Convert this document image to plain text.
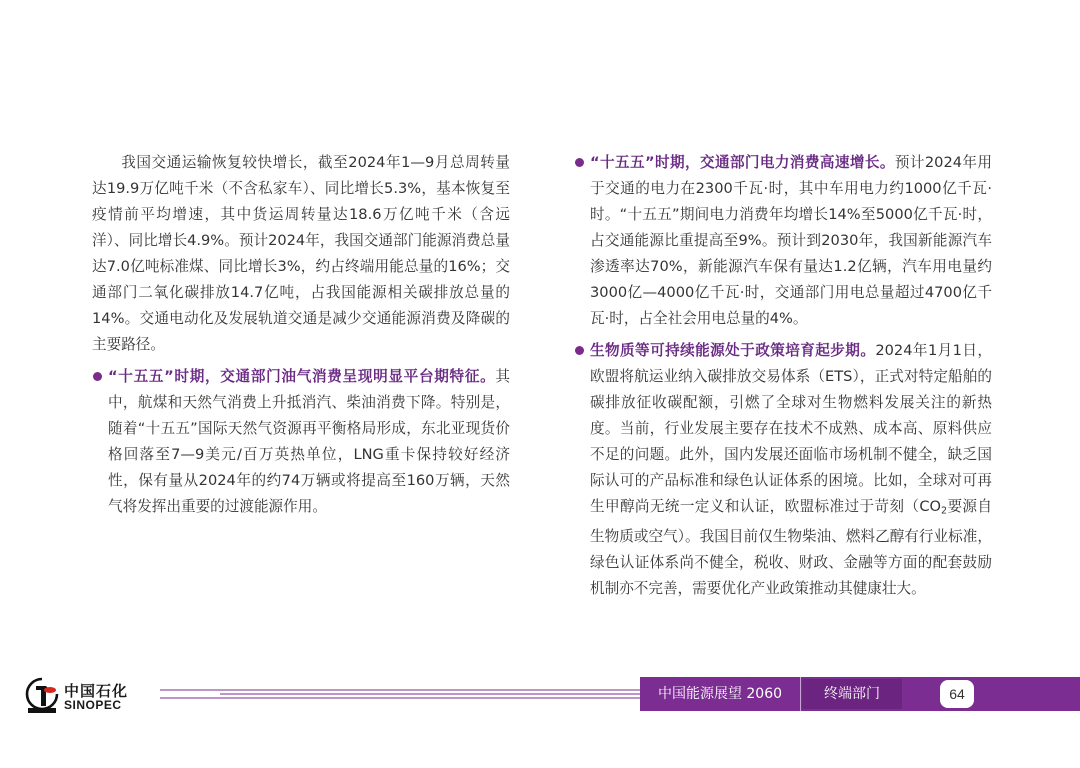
我国交通运输恢复较快增长，截至2024年1—9月总周转量达19.9万亿吨千米（不含私家车）、同比增长5.3%，基本恢复至疫情前平均增速，其中货运周转量达18.6万亿吨千米（含远洋）、同比增长4.9%。预计2024年，我国交通部门能源消费总量达7.0亿吨标准煤、同比增长3%，约占终端用能总量的16%；交通部门二氧化碳排放14.7亿吨，占我国能源相关碳排放总量的14%。交通电动化及发展轨道交通是减少交通能源消费及降碳的主要路径。

“十五五”时期，交通部门油气消费呈现明显平台期特征。其中，航煤和天然气消费上升抵消汽、柴油消费下降。特别是，随着“十五五”国际天然气资源再平衡格局形成，东北亚现货价格回落至7—9美元/百万英热单位，LNG重卡保持较好经济性，保有量从2024年的约74万辆或将提高至160万辆，天然气将发挥出重要的过渡能源作用。

“十五五”时期，交通部门电力消费高速增长。预计2024年用于交通的电力在2300千瓦·时，其中车用电力约1000亿千瓦·时。“十五五”期间电力消费年均增长14%至5000亿千瓦·时，占交通能源比重提高至9%。预计到2030年，我国新能源汽车渗透率达70%，新能源汽车保有量达1.2亿辆，汽车用电量约3000亿—4000亿千瓦·时，交通部门用电总量超过4700亿千瓦·时，占全社会用电总量的4%。

生物质等可持续能源处于政策培育起步期。2024年1月1日，欧盟将航运业纳入碳排放交易体系（ETS），正式对特定船舶的碳排放征收碳配额，引燃了全球对生物燃料发展关注的新热度。当前，行业发展主要存在技术不成熟、成本高、原料供应不足的问题。此外，国内发展还面临市场机制不健全，缺乏国际认可的产品标准和绿色认证体系的困境。比如，全球对可再生甲醇尚无统一定义和认证，欧盟标准过于苛刻（$CO_2$要源自生物质或空气）。我国目前仅生物柴油、燃料乙醇有行业标准，绿色认证体系尚不健全，税收、财政、金融等方面的配套鼓励机制亦不完善，需要优化产业政策推动其健康壮大。

中国石化
SINOPEC
中国能源展望 2060	终端部门	64
